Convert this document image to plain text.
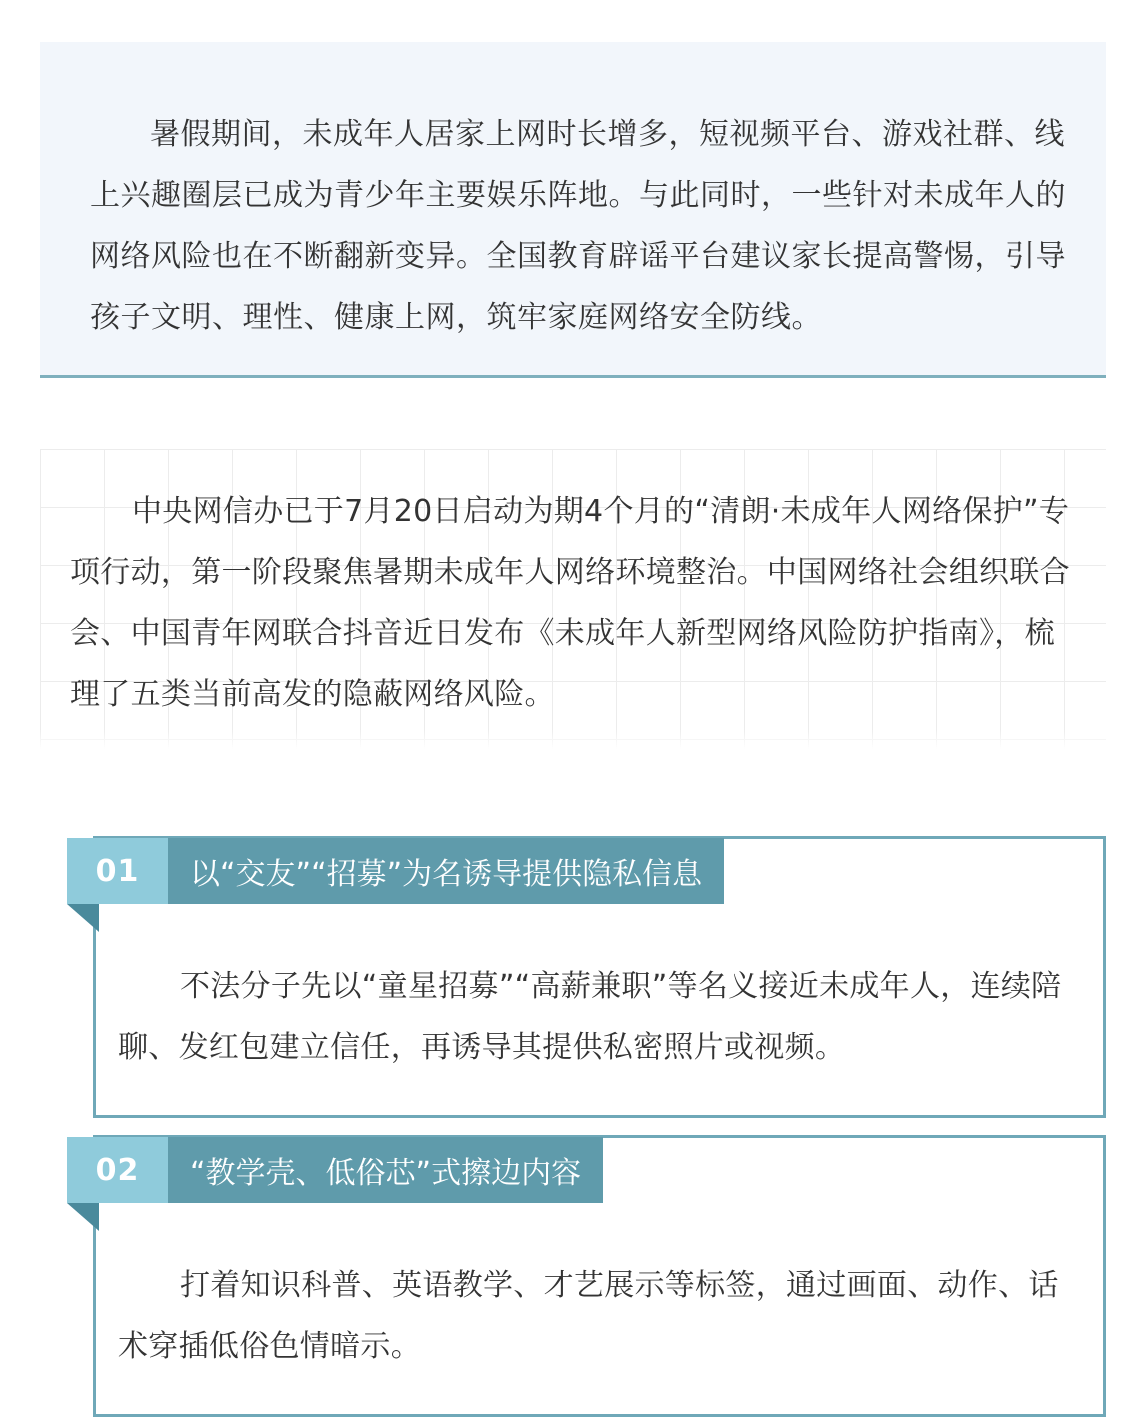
暑假期间，未成年人居家上网时长增多，短视频平台、游戏社群、线上兴趣圈层已成为青少年主要娱乐阵地。与此同时，一些针对未成年人的网络风险也在不断翻新变异。全国教育辟谣平台建议家长提高警惕，引导孩子文明、理性、健康上网，筑牢家庭网络安全防线。

中央网信办已于7月20日启动为期4个月的“清朗·未成年人网络保护”专项行动，第一阶段聚焦暑期未成年人网络环境整治。中国网络社会组织联合会、中国青年网联合抖音近日发布《未成年人新型网络风险防护指南》，梳理了五类当前高发的隐蔽网络风险。

01	以“交友”“招募”为名诱导提供隐私信息

不法分子先以“童星招募”“高薪兼职”等名义接近未成年人，连续陪聊、发红包建立信任，再诱导其提供私密照片或视频。

02	“教学壳、低俗芯”式擦边内容

打着知识科普、英语教学、才艺展示等标签，通过画面、动作、话术穿插低俗色情暗示。
